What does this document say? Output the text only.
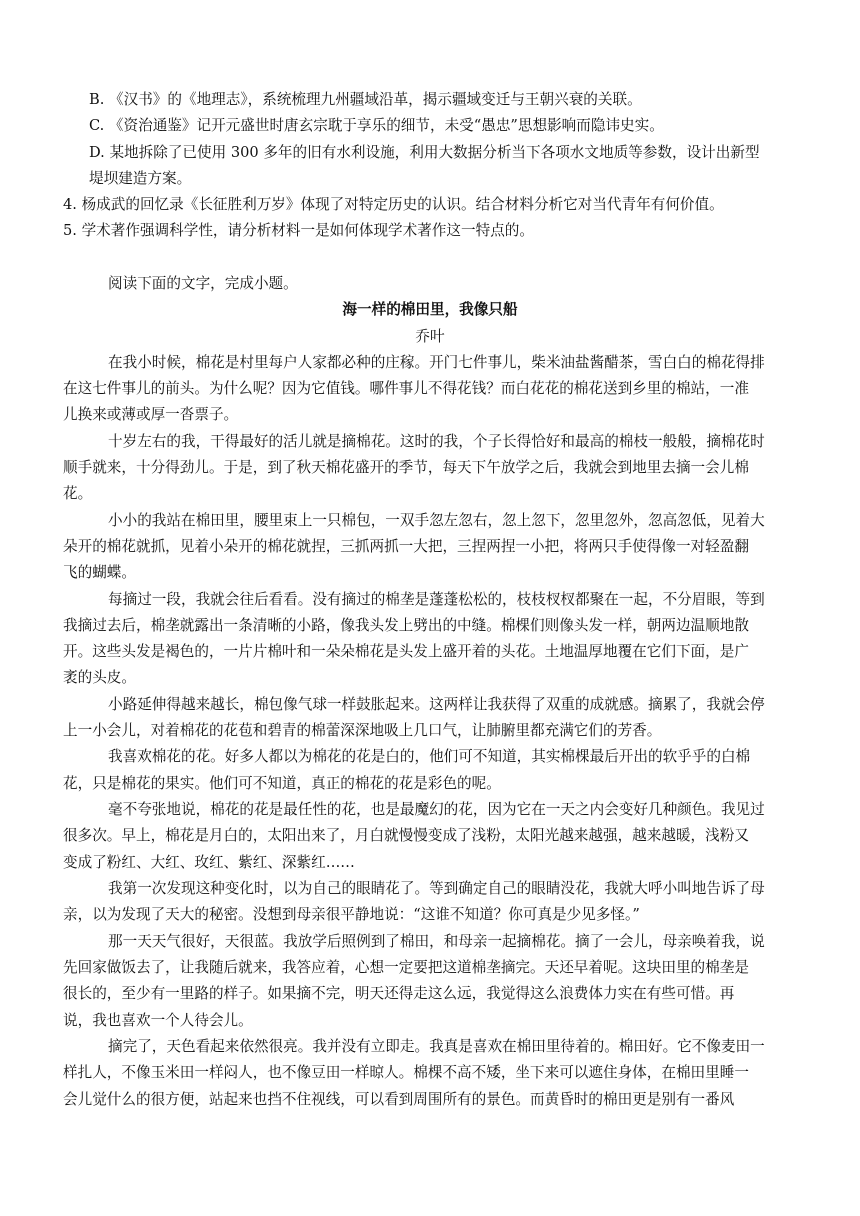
B. 《汉书》的《地理志》，系统梳理九州疆域沿革，揭示疆域变迁与王朝兴衰的关联。
C. 《资治通鉴》记开元盛世时唐玄宗耽于享乐的细节，未受“愚忠”思想影响而隐讳史实。
D. 某地拆除了已使用 300 多年的旧有水利设施，利用大数据分析当下各项水文地质等参数，设计出新型
堤坝建造方案。
4. 杨成武的回忆录《长征胜利万岁》体现了对特定历史的认识。结合材料分析它对当代青年有何价值。
5. 学术著作强调科学性，请分析材料一是如何体现学术著作这一特点的。
阅读下面的文字，完成小题。
海一样的棉田里，我像只船
乔叶
在我小时候，棉花是村里每户人家都必种的庄稼。开门七件事儿，柴米油盐酱醋茶，雪白白的棉花得排
在这七件事儿的前头。为什么呢？因为它值钱。哪件事儿不得花钱？而白花花的棉花送到乡里的棉站，一准
儿换来或薄或厚一沓票子。
十岁左右的我，干得最好的活儿就是摘棉花。这时的我，个子长得恰好和最高的棉枝一般般，摘棉花时
顺手就来，十分得劲儿。于是，到了秋天棉花盛开的季节，每天下午放学之后，我就会到地里去摘一会儿棉
花。
小小的我站在棉田里，腰里束上一只棉包，一双手忽左忽右，忽上忽下，忽里忽外，忽高忽低，见着大
朵开的棉花就抓，见着小朵开的棉花就捏，三抓两抓一大把，三捏两捏一小把，将两只手使得像一对轻盈翻
飞的蝴蝶。
每摘过一段，我就会往后看看。没有摘过的棉垄是蓬蓬松松的，枝枝杈杈都聚在一起，不分眉眼，等到
我摘过去后，棉垄就露出一条清晰的小路，像我头发上劈出的中缝。棉棵们则像头发一样，朝两边温顺地散
开。这些头发是褐色的，一片片棉叶和一朵朵棉花是头发上盛开着的头花。土地温厚地覆在它们下面，是广
袤的头皮。
小路延伸得越来越长，棉包像气球一样鼓胀起来。这两样让我获得了双重的成就感。摘累了，我就会停
上一小会儿，对着棉花的花苞和碧青的棉蕾深深地吸上几口气，让肺腑里都充满它们的芳香。
我喜欢棉花的花。好多人都以为棉花的花是白的，他们可不知道，其实棉棵最后开出的软乎乎的白棉
花，只是棉花的果实。他们可不知道，真正的棉花的花是彩色的呢。
毫不夸张地说，棉花的花是最任性的花，也是最魔幻的花，因为它在一天之内会变好几种颜色。我见过
很多次。早上，棉花是月白的，太阳出来了，月白就慢慢变成了浅粉，太阳光越来越强，越来越暖，浅粉又
变成了粉红、大红、玫红、紫红、深紫红……
我第一次发现这种变化时，以为自己的眼睛花了。等到确定自己的眼睛没花，我就大呼小叫地告诉了母
亲，以为发现了天大的秘密。没想到母亲很平静地说：“这谁不知道？你可真是少见多怪。”
那一天天气很好，天很蓝。我放学后照例到了棉田，和母亲一起摘棉花。摘了一会儿，母亲唤着我，说
先回家做饭去了，让我随后就来，我答应着，心想一定要把这道棉垄摘完。天还早着呢。这块田里的棉垄是
很长的，至少有一里路的样子。如果摘不完，明天还得走这么远，我觉得这么浪费体力实在有些可惜。再
说，我也喜欢一个人待会儿。
摘完了，天色看起来依然很亮。我并没有立即走。我真是喜欢在棉田里待着的。棉田好。它不像麦田一
样扎人，不像玉米田一样闷人，也不像豆田一样晾人。棉棵不高不矮，坐下来可以遮住身体，在棉田里睡一
会儿觉什么的很方便，站起来也挡不住视线，可以看到周围所有的景色。而黄昏时的棉田更是别有一番风
